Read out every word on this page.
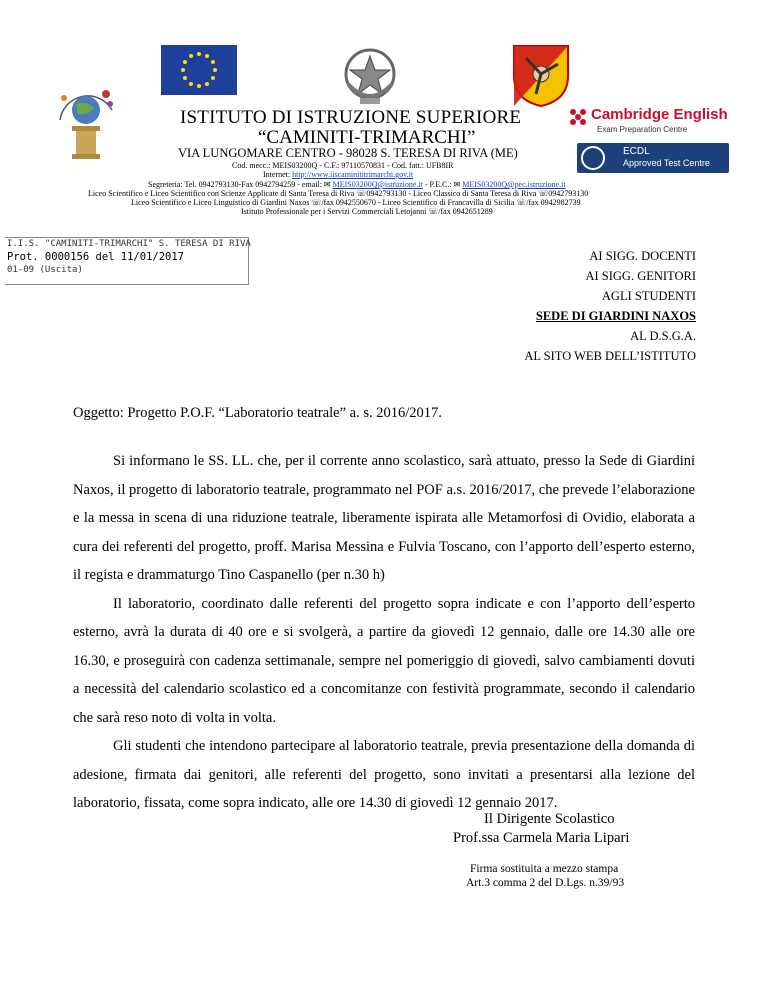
Cambridge English
Exam Preparation Centre
ECDL
Approved Test Centre
ISTITUTO DI ISTRUZIONE SUPERIORE
“CAMINITI-TRIMARCHI”
VIA LUNGOMARE CENTRO - 98028 S. TERESA DI RIVA (ME)
Cod. mecc.: MEIS03200Q - C.F.: 97110570831 - Cod. fatt.: UFB8IR
Internet: http://www.iiscaminititrimarchi.gov.it
Segreteria: Tel. 0942793130-Fax 0942794259 - email: ✉ MEIS03200Q@istruzione.it - P.E.C.: ✉ MEIS03200Q@pec.istruzione.it
Liceo Scientifico e Liceo Scientifico con Scienze Applicate di Santa Teresa di Riva ☏0942793130 - Liceo Classico di Santa Teresa di Riva ☏0942793130
Liceo Scientifico e Liceo Linguistico di Giardini Naxos ☏/fax 0942550670 - Liceo Scientifico di Francavilla di Sicilia ☏/fax 0942982739
Istituto Professionale per i Servizi Commerciali Letojanni ☏/fax 0942651289
I.I.S. "CAMINITI-TRIMARCHI" S. TERESA DI RIVA
Prot. 0000156 del 11/01/2017
01-09 (Uscita)
AI SIGG. DOCENTI
AI SIGG. GENITORI
AGLI STUDENTI
SEDE DI GIARDINI NAXOS
AL D.S.G.A.
AL SITO WEB DELL’ISTITUTO
Oggetto: Progetto P.O.F. “Laboratorio teatrale” a. s. 2016/2017.

Si informano le SS. LL. che, per il corrente anno scolastico, sarà attuato, presso la Sede di Giardini Naxos, il progetto di laboratorio teatrale, programmato nel POF a.s. 2016/2017, che prevede l’elaborazione e la messa in scena di una riduzione teatrale, liberamente ispirata alle Metamorfosi di Ovidio, elaborata a cura dei referenti del progetto, proff. Marisa Messina e Fulvia Toscano, con l’apporto dell’esperto esterno, il regista e drammaturgo Tino Caspanello (per n.30 h)

Il laboratorio, coordinato dalle referenti del progetto sopra indicate e con l’apporto dell’esperto esterno, avrà la durata di 40 ore e si svolgerà, a partire da giovedì 12 gennaio, dalle ore 14.30 alle ore 16.30, e proseguirà con cadenza settimanale, sempre nel pomeriggio di giovedì, salvo cambiamenti dovuti a necessità del calendario scolastico ed a concomitanze con festività programmate, secondo il calendario che sarà reso noto di volta in volta.

Gli studenti che intendono partecipare al laboratorio teatrale, previa presentazione della domanda di adesione, firmata dai genitori, alle referenti del progetto, sono invitati a presentarsi alla lezione del laboratorio, fissata, come sopra indicato, alle ore 14.30 di giovedì 12 gennaio 2017.

Il Dirigente Scolastico
Prof.ssa Carmela Maria Lipari
Firma sostituita a mezzo stampa
Art.3 comma 2 del D.Lgs. n.39/93
